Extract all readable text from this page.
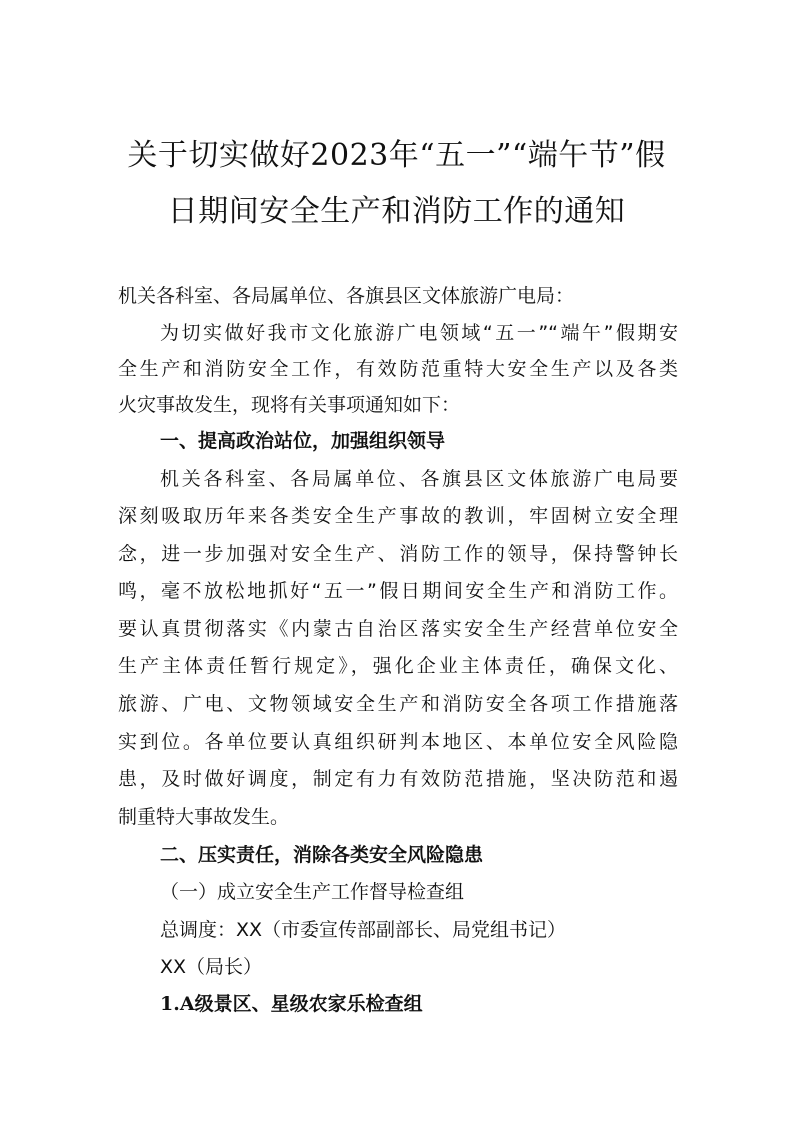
关于切实做好2023年“五一”“端午节”假
日期间安全生产和消防工作的通知
机关各科室、各局属单位、各旗县区文体旅游广电局：
为切实做好我市文化旅游广电领域“五一”“端午”假期安
全生产和消防安全工作，有效防范重特大安全生产以及各类
火灾事故发生，现将有关事项通知如下：
一、提高政治站位，加强组织领导
机关各科室、各局属单位、各旗县区文体旅游广电局要
深刻吸取历年来各类安全生产事故的教训，牢固树立安全理
念，进一步加强对安全生产、消防工作的领导，保持警钟长
鸣，毫不放松地抓好“五一”假日期间安全生产和消防工作。
要认真贯彻落实《内蒙古自治区落实安全生产经营单位安全
生产主体责任暂行规定》，强化企业主体责任，确保文化、
旅游、广电、文物领域安全生产和消防安全各项工作措施落
实到位。各单位要认真组织研判本地区、本单位安全风险隐
患，及时做好调度，制定有力有效防范措施，坚决防范和遏
制重特大事故发生。
二、压实责任，消除各类安全风险隐患
（一）成立安全生产工作督导检查组
总调度：XX（市委宣传部副部长、局党组书记）
XX（局长）
1.A级景区、星级农家乐检查组
